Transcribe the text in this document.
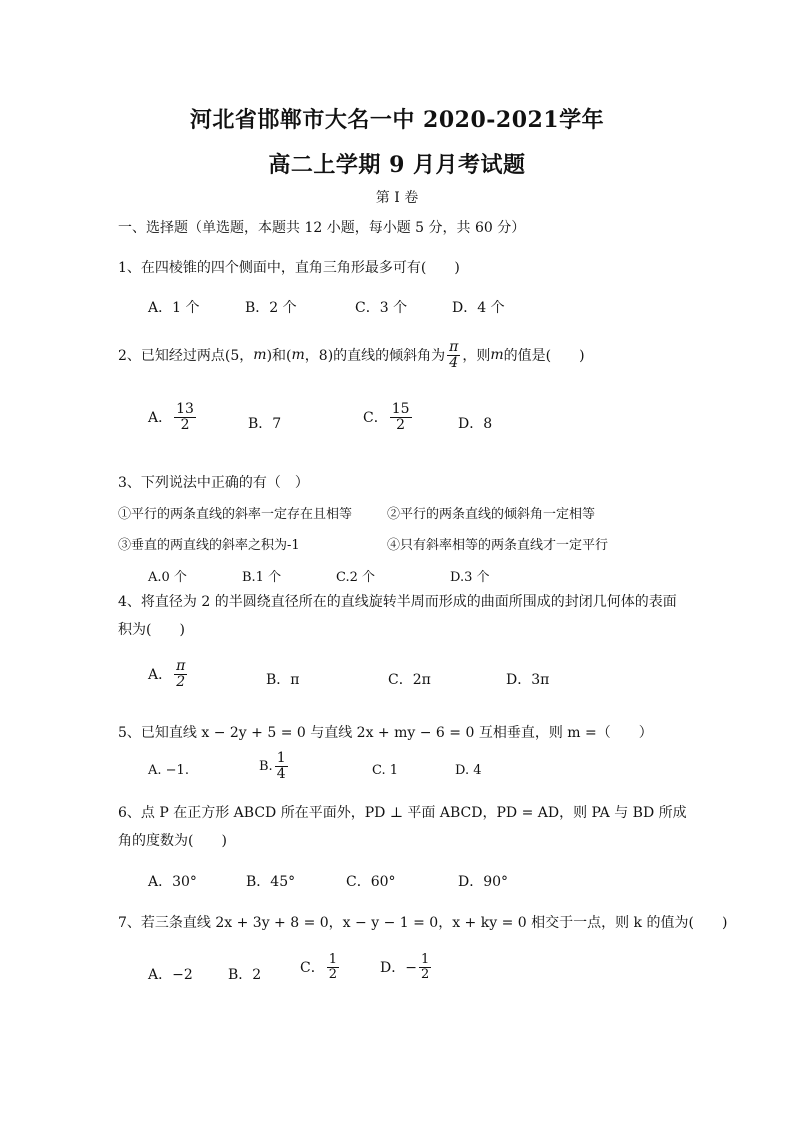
河北省邯郸市大名一中 2020-2021学年
高二上学期 9 月月考试题
第 I 卷
一、选择题（单选题，本题共 12 小题，每小题 5 分，共 60 分）
1、在四棱锥的四个侧面中，直角三角形最多可有(　　)
A．1 个	B．2 个	C．3 个	D．4 个
2、已知经过两点(5， m )和( m ，8)的直线的倾斜角为 $\frac{\pi}{4}$ ，则 m 的值是(　　)
A． $\frac{13}{2}$	B．7	C． $\frac{15}{2}$	D．8
3、下列说法中正确的有（　）
①平行的两条直线的斜率一定存在且相等	②平行的两条直线的倾斜角一定相等
③垂直的两直线的斜率之积为-1	④只有斜率相等的两条直线才一定平行
A.0 个	B.1 个	C.2 个	D.3 个
4、将直径为 2 的半圆绕直径所在的直线旋转半周而形成的曲面所围成的封闭几何体的表面
积为(　　)
A． $\frac{\pi}{2}$	B．π	C．2π	D．3π
5、已知直线 x − 2y + 5 = 0 与直线 2x + my − 6 = 0 互相垂直，则 m =（　　）
A. −1.	B. $\frac{1}{4}$	C. 1	D. 4
6、点 P 在正方形 ABCD 所在平面外，PD ⊥ 平面 ABCD，PD = AD，则 PA 与 BD 所成
角的度数为(　　)
A．30°	B．45°	C．60°	D．90°
7、若三条直线 2x + 3y + 8 = 0，x − y − 1 = 0，x + ky = 0 相交于一点，则 k 的值为(　　)
A．−2	B．2	C． $\frac{1}{2}$	D．− $\frac{1}{2}$
